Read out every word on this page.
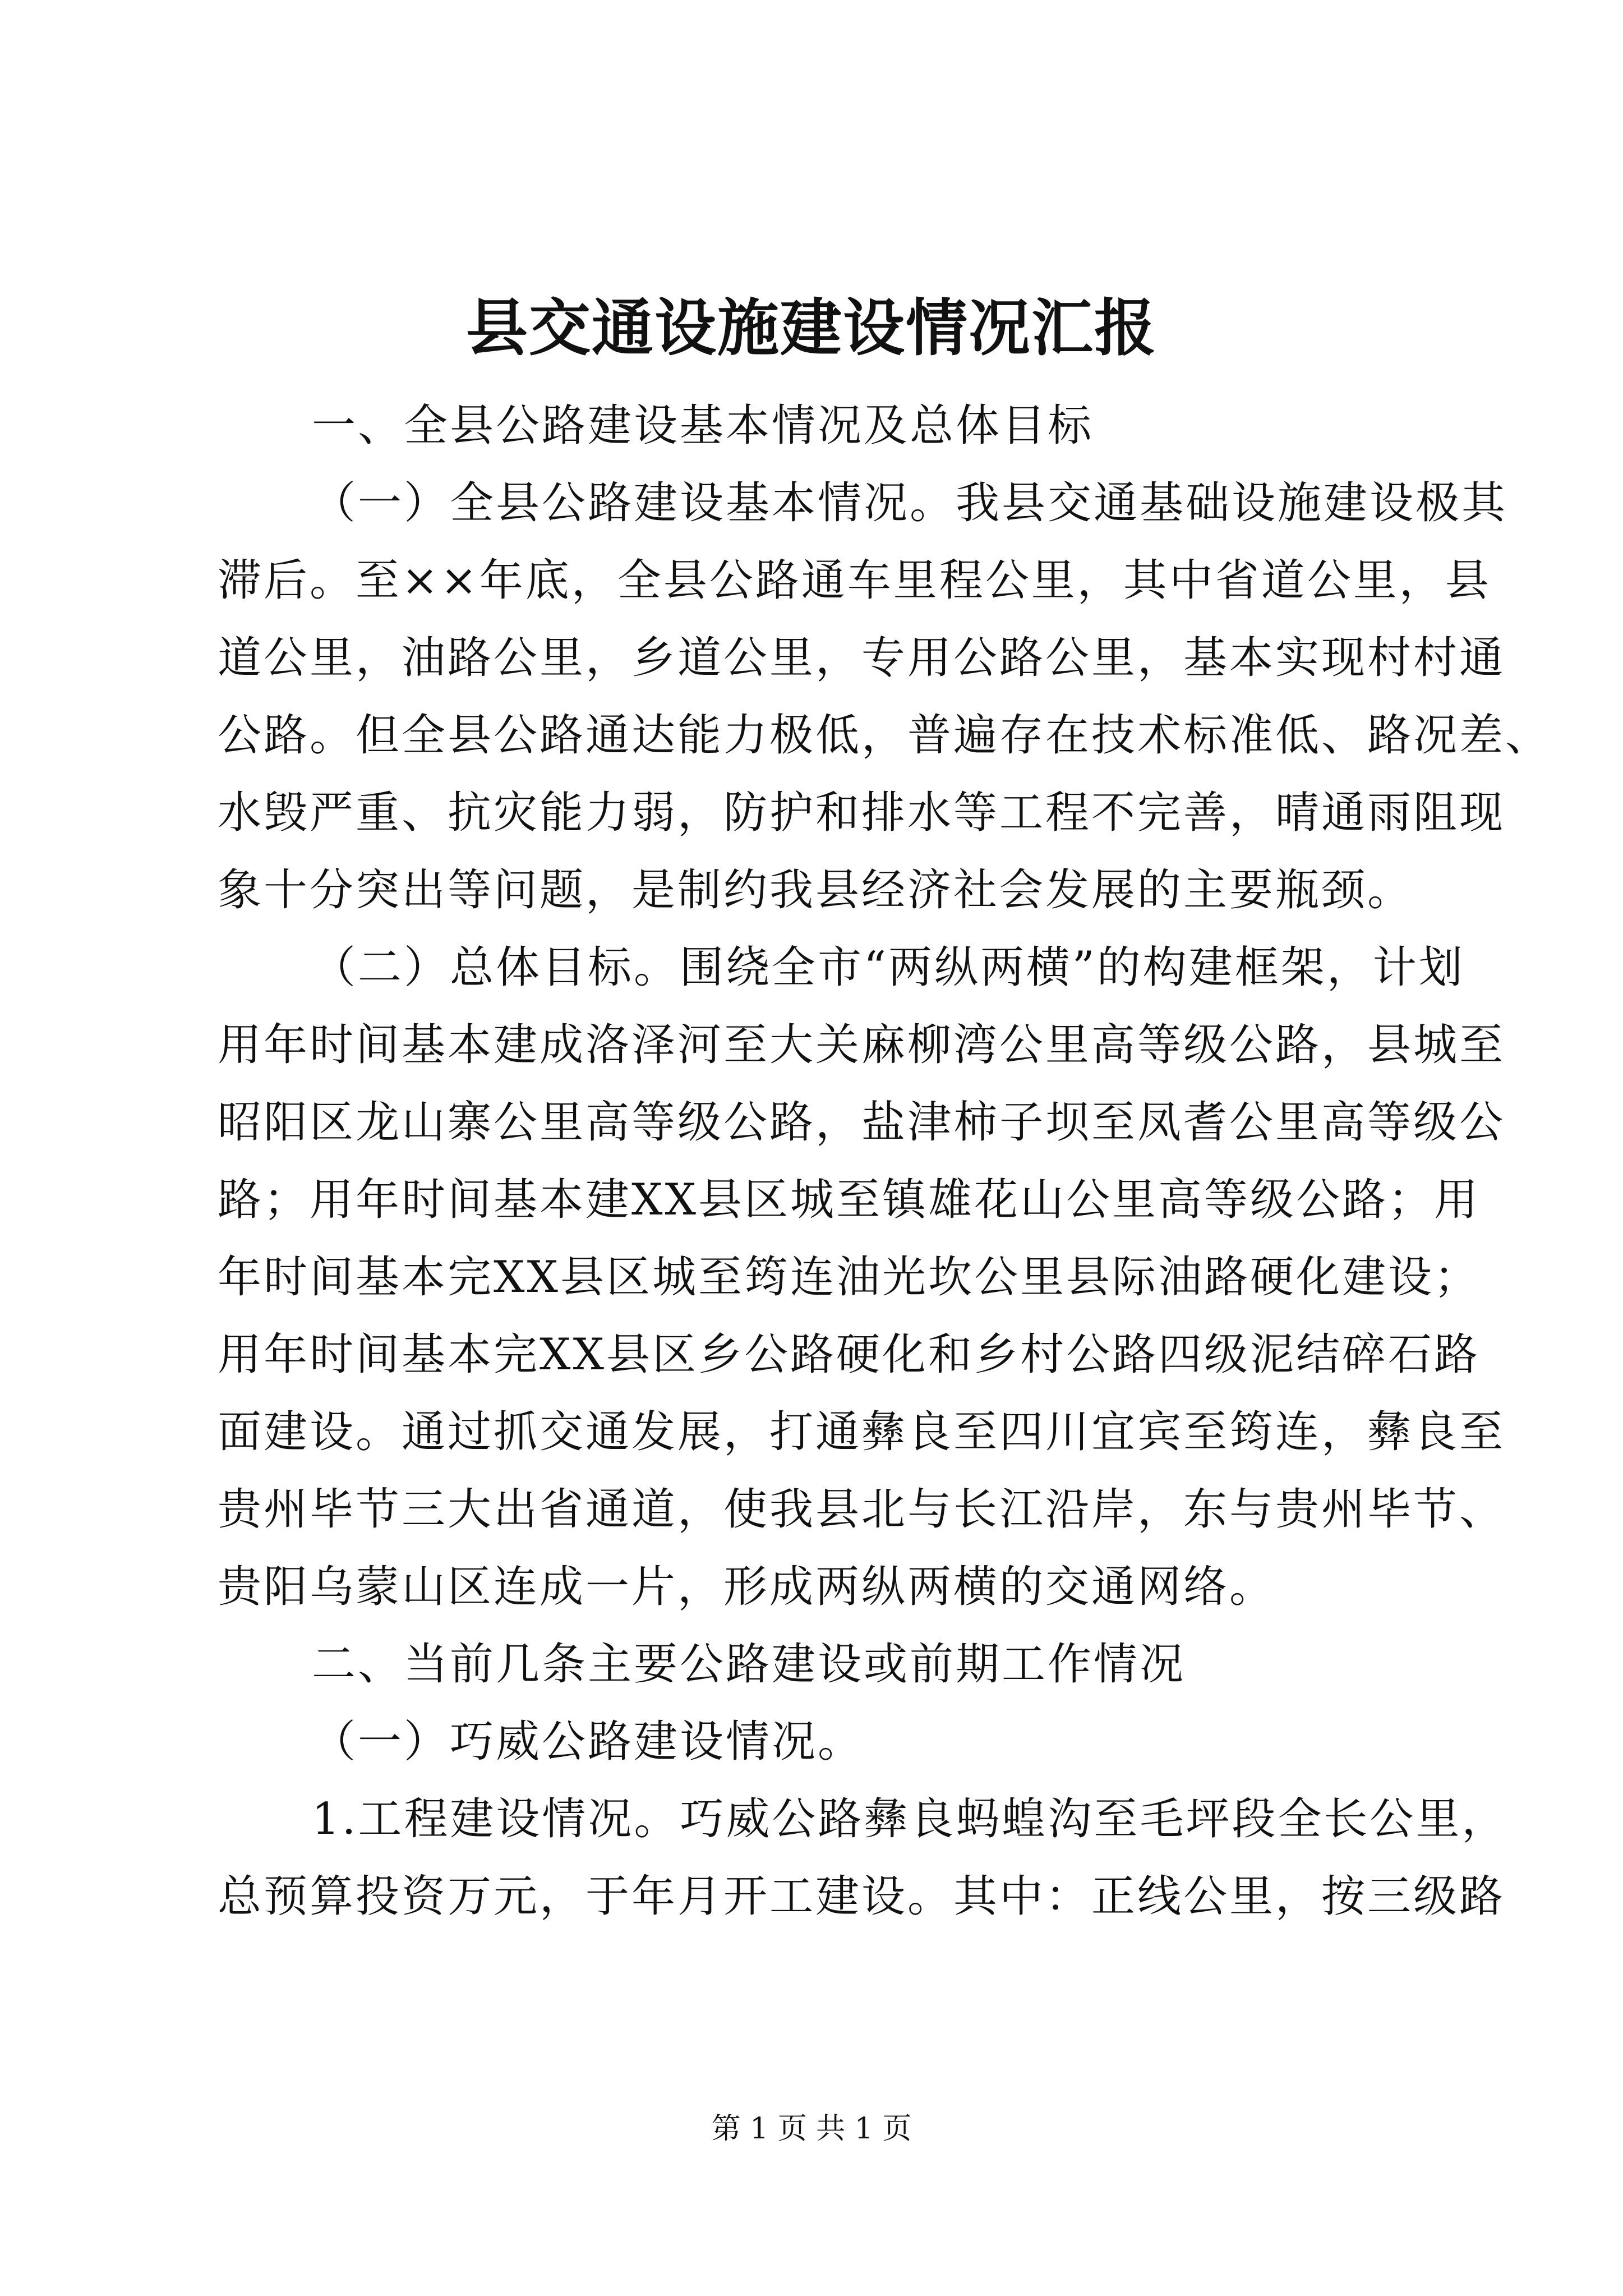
县交通设施建设情况汇报

一、全县公路建设基本情况及总体目标

（一）全县公路建设基本情况。我县交通基础设施建设极其
滞后。至××年底，全县公路通车里程公里，其中省道公里，县
道公里，油路公里，乡道公里，专用公路公里，基本实现村村通
公路。但全县公路通达能力极低，普遍存在技术标准低、路况差、
水毁严重、抗灾能力弱，防护和排水等工程不完善，晴通雨阻现
象十分突出等问题，是制约我县经济社会发展的主要瓶颈。

（二）总体目标。围绕全市“两纵两横”的构建框架，计划
用年时间基本建成洛泽河至大关麻柳湾公里高等级公路，县城至
昭阳区龙山寨公里高等级公路，盐津柿子坝至凤耆公里高等级公
路；用年时间基本建XX县区城至镇雄花山公里高等级公路；用
年时间基本完XX县区城至筠连油光坎公里县际油路硬化建设；
用年时间基本完XX县区乡公路硬化和乡村公路四级泥结碎石路
面建设。通过抓交通发展，打通彝良至四川宜宾至筠连，彝良至
贵州毕节三大出省通道，使我县北与长江沿岸，东与贵州毕节、
贵阳乌蒙山区连成一片，形成两纵两横的交通网络。

二、当前几条主要公路建设或前期工作情况

（一）巧威公路建设情况。

1.工程建设情况。巧威公路彝良蚂蝗沟至毛坪段全长公里，
总预算投资万元，于年月开工建设。其中：正线公里，按三级路

第 1 页 共 1 页
